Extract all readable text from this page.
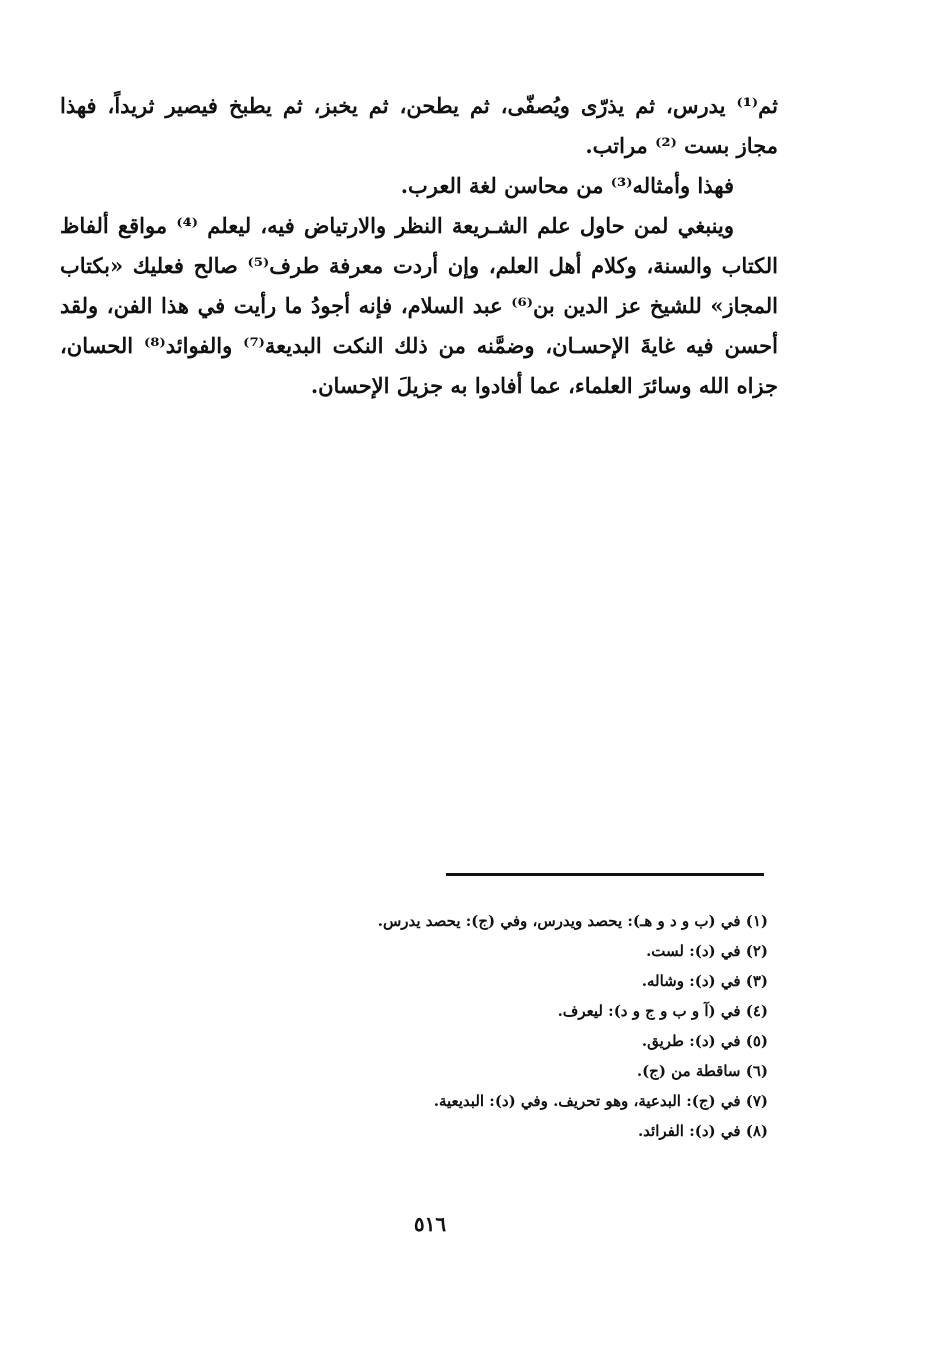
ثم⁽¹⁾ يدرس، ثم يذرّى ويُصفّى، ثم يطحن، ثم يخبز، ثم يطبخ فيصير ثريداً، فهذا مجاز بست ⁽²⁾ مراتب.

فهذا وأمثاله⁽³⁾ من محاسن لغة العرب.

وينبغي لمن حاول علم الشـريعة النظر والارتياض فيه، ليعلم ⁽⁴⁾ مواقع ألفاظ الكتاب والسنة، وكلام أهل العلم، وإن أردت معرفة طرف⁽⁵⁾ صالح فعليك «بكتاب المجاز» للشيخ عز الدين بن⁽⁶⁾ عبد السلام، فإنه أجودُ ما رأيت في هذا الفن، ولقد أحسن فيه غايةَ الإحسـان، وضمَّنه من ذلك النكت البديعة⁽⁷⁾ والفوائد⁽⁸⁾ الحسان، جزاه الله وسائرَ العلماء، عما أفادوا به جزيلَ الإحسان.

(١) في (ب و د و هـ): يحصد ويدرس، وفي (ج): يحصد يدرس.
(٢) في (د): لست.
(٣) في (د): وشاله.
(٤) في (آ و ب و ج و د): ليعرف.
(٥) في (د): طريق.
(٦) ساقطة من (ج).
(٧) في (ج): البدعية، وهو تحريف. وفي (د): البديعية.
(٨) في (د): الفرائد.
٥١٦
